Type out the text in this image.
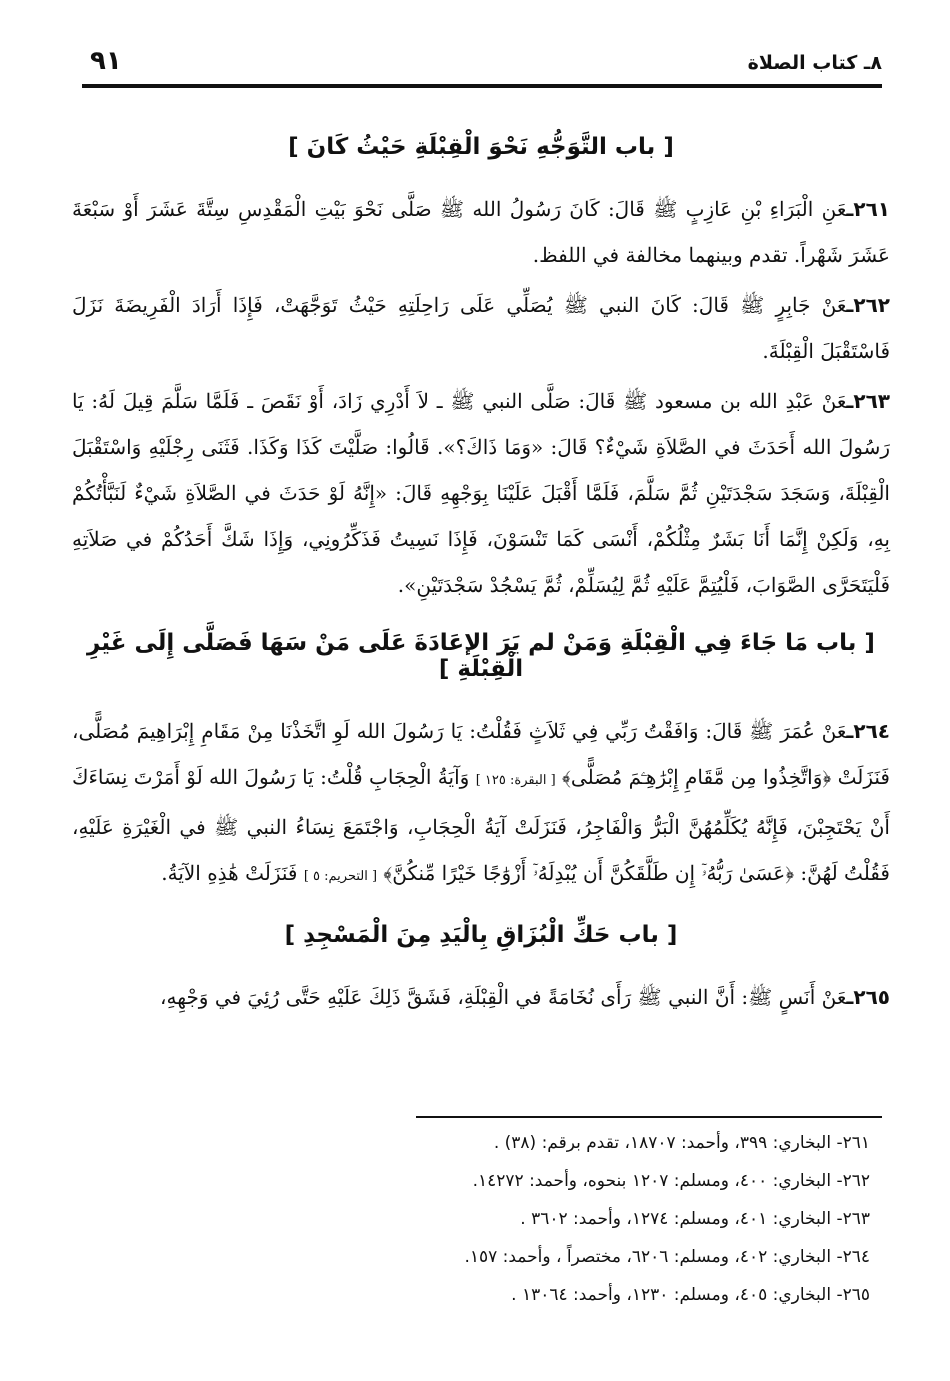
٩١	٨ـ كتاب الصلاة
[ باب التَّوَجُّهِ نَحْوَ الْقِبْلَةِ حَيْثُ كَانَ ]

٢٦١ـعَنِ الْبَرَاءِ بْنِ عَازِبٍ ﷺ قَالَ: كَانَ رَسُولُ الله ﷺ صَلَّى نَحْوَ بَيْتِ الْمَقْدِسِ سِتَّةَ عَشَرَ أَوْ سَبْعَةَ عَشَرَ شَهْراً. تقدم وبينهما مخالفة في اللفظ.

٢٦٢ـعَنْ جَابِرٍ ﷺ قَالَ: كَانَ النبي ﷺ يُصَلِّي عَلَى رَاحِلَتِهِ حَيْثُ تَوَجَّهَتْ، فَإِذَا أَرَادَ الْفَرِيضَةَ نَزَلَ فَاسْتَقْبَلَ الْقِبْلَةَ.

٢٦٣ـعَنْ عَبْدِ الله بن مسعود ﷺ قَالَ: صَلَّى النبي ﷺ ـ لاَ أَدْرِي زَادَ، أَوْ نَقَصَ ـ فَلَمَّا سَلَّمَ قِيلَ لَهُ: يَا رَسُولَ الله أَحَدَثَ في الصَّلاَةِ شَيْءٌ؟ قَالَ: «وَمَا ذَاكَ؟». قَالُوا: صَلَّيْتَ كَذَا وَكَذَا. فَثَنَى رِجْلَيْهِ وَاسْتَقْبَلَ الْقِبْلَةَ، وَسَجَدَ سَجْدَتَيْنِ ثُمَّ سَلَّمَ، فَلَمَّا أَقْبَلَ عَلَيْنَا بِوَجْهِهِ قَالَ: «إِنَّهُ لَوْ حَدَثَ في الصَّلاَةِ شَيْءٌ لَنَبَّأْتُكُمْ بِهِ، وَلَكِنْ إِنَّمَا أَنَا بَشَرٌ مِثْلُكُمْ، أَنْسَى كَمَا تَنْسَوْنَ، فَإِذَا نَسِيتُ فَذَكِّرُونِي، وَإِذَا شَكَّ أَحَدُكُمْ في صَلاَتِهِ فَلْيَتَحَرَّى الصَّوَابَ، فَلْيُتِمَّ عَلَيْهِ ثُمَّ لِيُسَلِّمْ، ثُمَّ يَسْجُدْ سَجْدَتَيْنِ».

[ باب مَا جَاءَ فِي الْقِبْلَةِ وَمَنْ لم يَرَ الإعَادَةَ عَلَى مَنْ سَهَا فَصَلَّى إِلَى غَيْرِ الْقِبْلَةِ ]

٢٦٤ـعَنْ عُمَرَ ﷺ قَالَ: وَافَقْتُ رَبِّي فِي ثَلاَثٍ فَقُلْتُ: يَا رَسُولَ الله لَوِ اتَّخَذْنَا مِنْ مَقَامِ إِبْرَاهِيمَ مُصَلًّى، فَنَزَلَتْ ﴿وَاتَّخِذُوا مِن مَّقَامِ إِبْرَٰهِـۧمَ مُصَلًّى﴾ [ البقرة: ١٢٥ ] وَآيَةُ الْحِجَابِ قُلْتُ: يَا رَسُولَ الله لَوْ أَمَرْتَ نِسَاءَكَ أَنْ يَحْتَجِبْنَ، فَإِنَّهُ يُكَلِّمُهُنَّ الْبَرُّ وَالْفَاجِرُ، فَنَزَلَتْ آيَةُ الْحِجَابِ، وَاجْتَمَعَ نِسَاءُ النبي ﷺ في الْغَيْرَةِ عَلَيْهِ، فَقُلْتُ لَهُنَّ: ﴿عَسَىٰ رَبُّهُۥٓ إِن طَلَّقَكُنَّ أَن يُبْدِلَهُۥٓ أَزْوَٰجًا خَيْرًا مِّنكُنَّ﴾ [ التحريم: ٥ ] فَنَزَلَتْ هَٰذِهِ الآيَةُ.

[ باب حَكِّ الْبُزَاقِ بِالْيَدِ مِنَ الْمَسْجِدِ ]

٢٦٥ـعَنْ أَنَسٍ ﷺ: أَنَّ النبي ﷺ رَأَى نُخَامَةً في الْقِبْلَةِ، فَشَقَّ ذَلِكَ عَلَيْهِ حَتَّى رُئِيَ في وَجْهِهِ،

٢٦١- البخاري: ٣٩٩، وأحمد: ١٨٧٠٧، تقدم برقم: (٣٨) .

٢٦٢- البخاري: ٤٠٠، ومسلم: ١٢٠٧ بنحوه، وأحمد: ١٤٢٧٢.

٢٦٣- البخاري: ٤٠١، ومسلم: ١٢٧٤، وأحمد: ٣٦٠٢ .

٢٦٤- البخاري: ٤٠٢، ومسلم: ٦٢٠٦، مختصراً ، وأحمد: ١٥٧.

٢٦٥- البخاري: ٤٠٥، ومسلم: ١٢٣٠، وأحمد: ١٣٠٦٤ .
